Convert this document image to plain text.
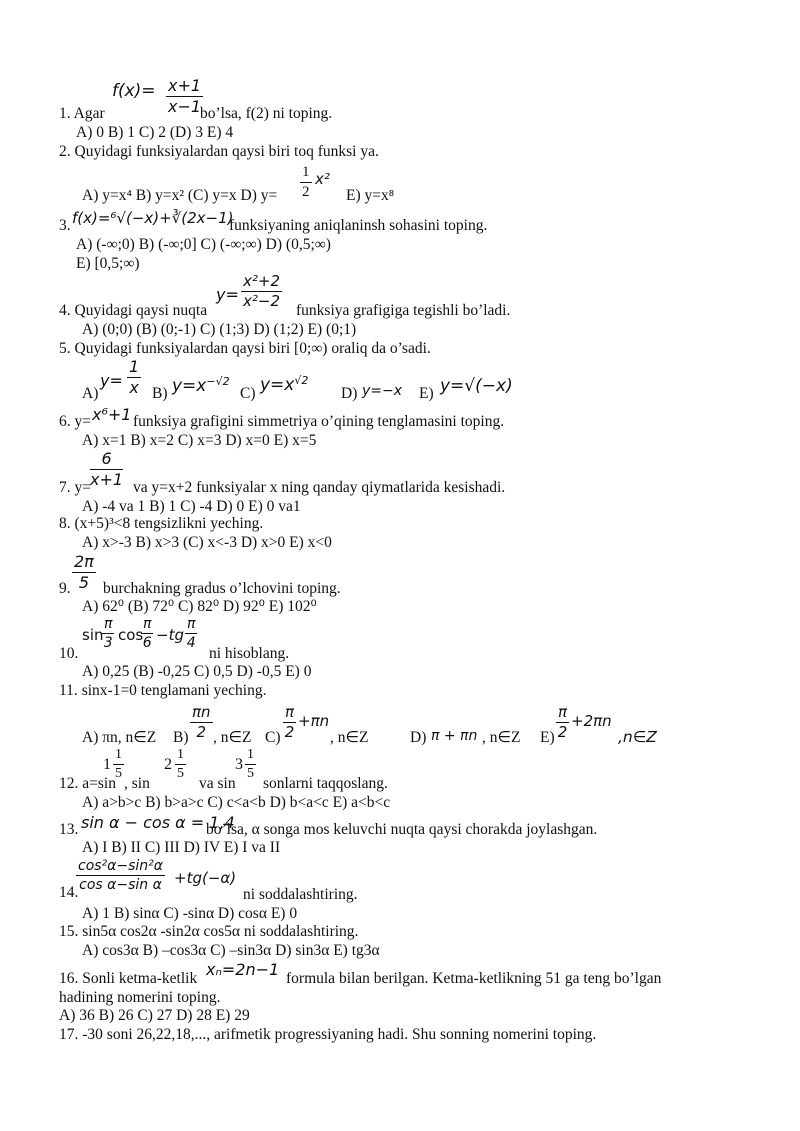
$f(x)= \frac{x+1}{x-1}$
1. Agar	bo’lsa, f(2) ni toping.
A) 0 B) 1 C) 2 (D) 3 E) 4
2. Quyidagi funksiyalardan qaysi biri toq funksi ya.
$\frac{1}{2} x^2$
A) y=x⁴ B) y=x² (C) y=x D) y=	E) y=x⁸
3. f(x)=⁶√(−x)+∛(2x−1)
funksiyaning aniqlaninsh sohasini toping.
A) (-∞;0) B) (-∞;0] C) (-∞;∞) D) (0,5;∞)
E) [0,5;∞)
$y= \frac{\text{x²+2}}{\text{x²−2}}$
4. Quyidagi qaysi nuqta	funksiya grafigiga tegishli bo’ladi.
A) (0;0) (B) (0;-1) C) (1;3) D) (1;2) E) (0;1)
5. Quyidagi funksiyalardan qaysi biri [0;∞) oraliq da o’sadi.
A)
$y= \frac{1}{x} B$) $y=x^{-√2}$
C) $y=x^{√2}$
D) y=−x E) y=√(−x)
6. y= x⁶+1 funksiya grafigini simmetriya o’qining tenglamasini toping.
A) x=1 B) x=2 C) x=3 D) x=0 E) x=5
$\frac{6}{x+1}$
7. y=	va y=x+2 funksiyalar x ning qanday qiymatlarida kesishadi.
A) -4 va 1 B) 1 C) -4 D) 0 E) 0 va1
8. (x+5)³<8 tengsizlikni yeching.
A) x>-3 B) x>3 (C) x<-3 D) x>0 E) x<0
$\frac{2\pi}{5}$
9. burchakning gradus o’lchovini toping.
A) 62⁰ (B) 72⁰ C) 82⁰ D) 92⁰ E) 102⁰
10.
sin
$\frac{\pi}{3}$ cos
$\frac{\pi}{6} -tg \frac{\pi}{4}$
ni hisoblang.
A) 0,25 (B) -0,25 C) 0,5 D) -0,5 E) 0
11. sinx-1=0 tenglamani yeching.
A) πn, n∈Z $B) \frac{\pi n}{2}$ , n∈Z $C) \frac{\pi}{2} +\pi n$
, n∈Z	D) π + πn , n∈Z $E) \frac{\pi}{2} +2\pi n$
,n∈Z
$1 \frac{1}{5}$	$2 \frac{1}{5}$	$3 \frac{1}{5}$
12. a=sin , sin	va sin sonlarni taqqoslang.
A) a>b>c B) b>a>c C) c<a<b D) b<a<c E) a<b<c
13. sin α − cos α = 1,4
bo’lsa, α songa mos keluvchi nuqta qaysi chorakda joylashgan.
A) I B) II C) III D) IV E) I va II
$\frac{\text{cos²α−sin²α}}{\text{cos α−sin α}} +tg(-\alpha)$
14.	ni soddalashtiring.
A) 1 B) sinα C) -sinα D) cosα E) 0
15. sin5α cos2α -sin2α cos5α ni soddalashtiring.
A) cos3α B) –cos3α C) –sin3α D) sin3α E) tg3α
16. Sonli ketma-ketlik xₙ=2n−1 formula bilan berilgan. Ketma-ketlikning 51 ga teng bo’lgan
hadining nomerini toping.
A) 36 B) 26 C) 27 D) 28 E) 29
17. -30 soni 26,22,18,..., arifmetik progressiyaning hadi. Shu sonning nomerini toping.
